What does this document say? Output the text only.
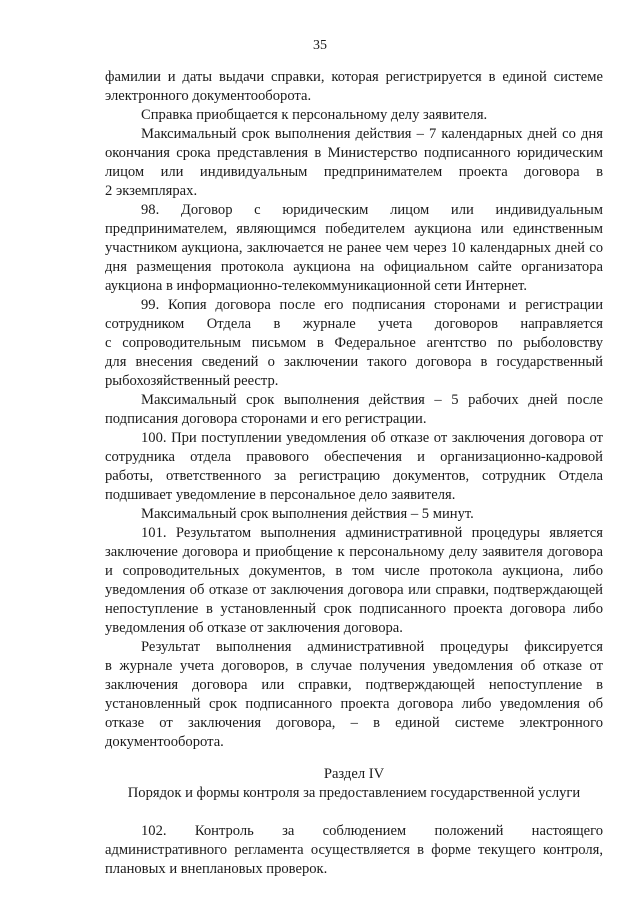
35
фамилии и даты выдачи справки, которая регистрируется в единой системе
электронного документооборота.
Справка приобщается к персональному делу заявителя.
Максимальный срок выполнения действия – 7 календарных дней со дня
окончания срока представления в Министерство подписанного юридическим
лицом или индивидуальным предпринимателем проекта договора в
2 экземплярах.
98. Договор с юридическим лицом или индивидуальным
предпринимателем, являющимся победителем аукциона или единственным
участником аукциона, заключается не ранее чем через 10 календарных дней со
дня размещения протокола аукциона на официальном сайте организатора
аукциона в информационно-телекоммуникационной сети Интернет.
99. Копия договора после его подписания сторонами и регистрации
сотрудником Отдела в журнале учета договоров направляется
с сопроводительным письмом в Федеральное агентство по рыболовству
для внесения сведений о заключении такого договора в государственный
рыбохозяйственный реестр.
Максимальный срок выполнения действия – 5 рабочих дней после
подписания договора сторонами и его регистрации.
100. При поступлении уведомления об отказе от заключения договора от
сотрудника отдела правового обеспечения и организационно-кадровой
работы, ответственного за регистрацию документов, сотрудник Отдела
подшивает уведомление в персональное дело заявителя.
Максимальный срок выполнения действия – 5 минут.
101. Результатом выполнения административной процедуры является
заключение договора и приобщение к персональному делу заявителя договора
и сопроводительных документов, в том числе протокола аукциона, либо
уведомления об отказе от заключения договора или справки, подтверждающей
непоступление в установленный срок подписанного проекта договора либо
уведомления об отказе от заключения договора.
Результат выполнения административной процедуры фиксируется
в журнале учета договоров, в случае получения уведомления об отказе от
заключения договора или справки, подтверждающей непоступление в
установленный срок подписанного проекта договора либо уведомления об
отказе от заключения договора, – в единой системе электронного
документооборота.
Раздел IV
Порядок и формы контроля за предоставлением государственной услуги
102. Контроль за соблюдением положений настоящего
административного регламента осуществляется в форме текущего контроля,
плановых и внеплановых проверок.
